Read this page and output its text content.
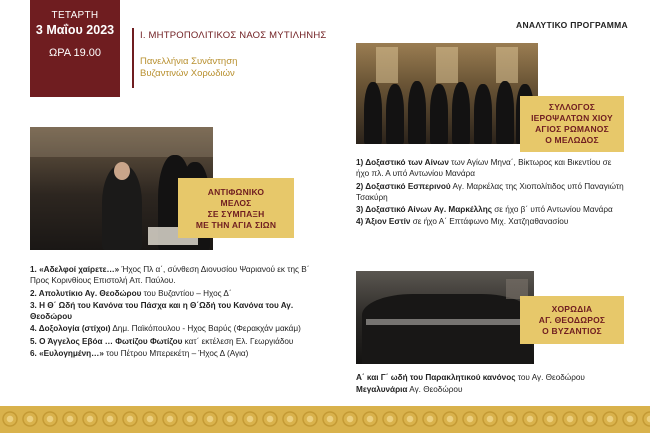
ΤΕΤΑΡΤΗ
3 Μαΐου 2023
ΩΡΑ 19.00
Ι. ΜΗΤΡΟΠΟΛΙΤΙΚΟΣ ΝΑΟΣ ΜΥΤΙΛΗΝΗΣ
Πανελλήνια Συνάντηση
Βυζαντινών Χορωδιών
ΑΝΑΛΥΤΙΚΟ ΠΡΟΓΡΑΜΜΑ
ΑΝΤΙΦΩΝΙΚΟ
ΜΕΛΟΣ
ΣΕ ΣΥΜΠΑΞΗ
ΜΕ ΤΗΝ ΑΓΙΑ ΣΙΩΝ
ΣΥΛΛΟΓΟΣ
ΙΕΡΟΨΑΛΤΩΝ ΧΙΟΥ
ΑΓΙΟΣ ΡΩΜΑΝΟΣ
Ο ΜΕΛΩΔΟΣ
ΧΟΡΩΔΙΑ
ΑΓ. ΘΕΟΔΩΡΟΣ
Ο ΒΥΖΑΝΤΙΟΣ
1. «Αδελφοί χαίρετε…» Ήχος Πλ α΄, σύνθεση Διονυσίου Ψαριανού εκ της Β΄ Προς Κορινθίους Επιστολή Απ. Παύλου.
2. Απολυτίκιο Αγ. Θεοδώρου του Βυζαντίου – Ηχος Δ΄
3. Η Θ΄ Ωδή του Κανόνα του Πάσχα και η Θ΄Ωδή του Κανόνα του Αγ. Θεοδώρου
4. Δοξολογία (στίχοι) Δημ. Παϊκόπουλου - Ηχος Βαρύς (Φερακχάν μακάμ)
5. Ο Άγγελος Εβόα … Φωτίζου Φωτίζου κατ΄ εκτέλεση Ελ. Γεωργιάδου
6. «Ευλογημένη…» του Πέτρου Μπερεκέτη – Ήχος Δ (Αγια)
1) Δοξαστικό των Αίνων των Αγίων Μηνα΄, Βίκτωρος και Βικεντίου σε ήχο πλ. Α υπό Αντωνίου Μανάρα
2) Δοξαστικό Εσπερινού Αγ. Μαρκέλας της Χιοπολίτιδος υπό Παναγιώτη Τσακύρη
3) Δοξαστικό Αίνων Αγ. Μαρκέλλης σε ήχο β΄ υπό Αντωνίου Μανάρα
4) Άξιον Εστίν σε ήχο Α΄ Επτάφωνο Μιχ. Χατζηαθανασίου
Α΄ και Γ΄ ωδή του Παρακλητικού κανόνος του Αγ. Θεοδώρου
Μεγαλυνάρια Αγ. Θεοδώρου
